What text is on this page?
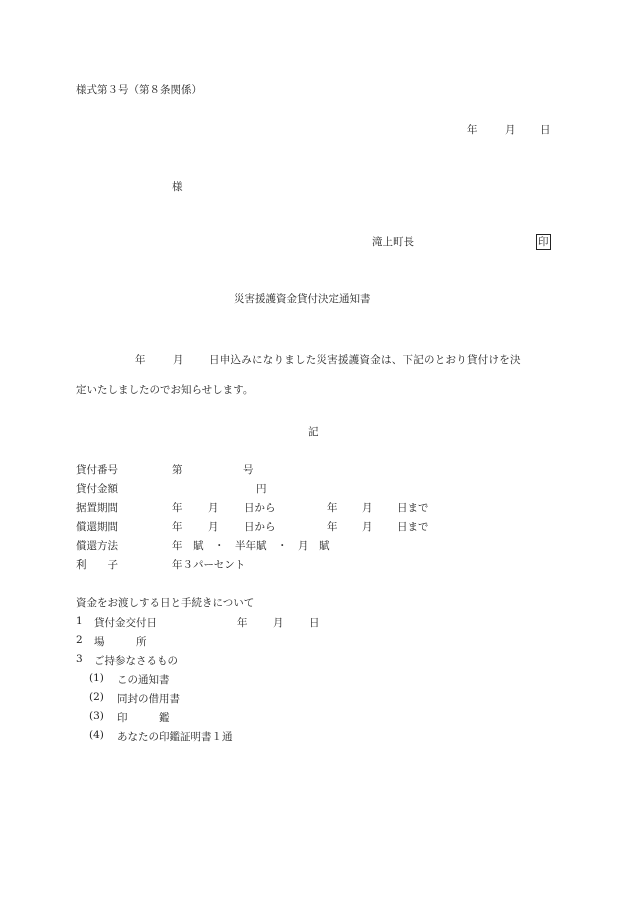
様式第３号（第８条関係）
年	月 日
様
滝上町長	印
災害援護資金貸付決定通知書
年	月 日申込みになりました災害援護資金は、下記のとおり貸付けを決
定いたしましたのでお知らせします。
記
貸付番号	第	号
貸付金額	円
据置期間	年 月 日から	年 月 日まで
償還期間	年 月 日から	年 月 日まで
償還方法	年　賦　・　半年賦　・　月　賦
利　　子	年３パーセント
資金をお渡しする日と手続きについて
1 貸付金交付日	年 月 日
2 場　　　所
3 ご持参なさるもの
(1) この通知書
(2) 同封の借用書
(3) 印　　　鑑
(4) あなたの印鑑証明書１通
